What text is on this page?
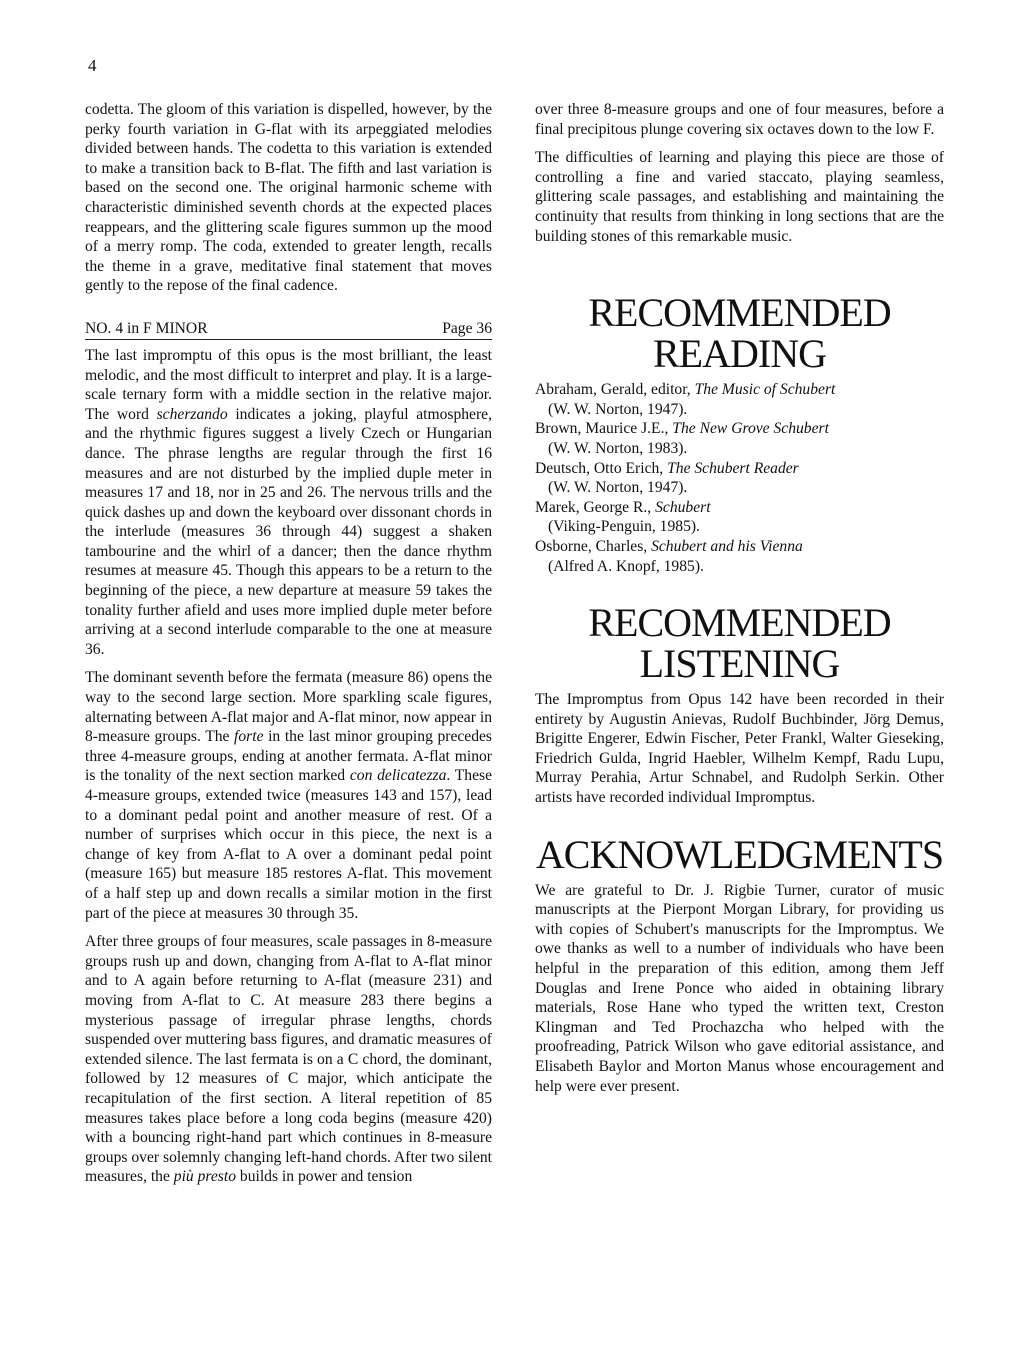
4

codetta. The gloom of this variation is dispelled, however, by the perky fourth variation in G-flat with its arpeggiated melodies divided between hands. The codetta to this variation is extended to make a transition back to B-flat. The fifth and last variation is based on the second one. The original harmonic scheme with characteristic diminished seventh chords at the expected places reappears, and the glittering scale figures summon up the mood of a merry romp. The coda, extended to greater length, recalls the theme in a grave, meditative final statement that moves gently to the repose of the final cadence.

NO. 4 in F MINOR	Page 36

The last impromptu of this opus is the most brilliant, the least melodic, and the most difficult to interpret and play. It is a large-scale ternary form with a middle section in the relative major. The word scherzando indicates a joking, playful atmosphere, and the rhythmic figures suggest a lively Czech or Hungarian dance. The phrase lengths are regular through the first 16 measures and are not disturbed by the implied duple meter in measures 17 and 18, nor in 25 and 26. The nervous trills and the quick dashes up and down the keyboard over dissonant chords in the interlude (measures 36 through 44) suggest a shaken tambourine and the whirl of a dancer; then the dance rhythm resumes at measure 45. Though this appears to be a return to the beginning of the piece, a new departure at measure 59 takes the tonality further afield and uses more implied duple meter before arriving at a second interlude comparable to the one at measure 36.

The dominant seventh before the fermata (measure 86) opens the way to the second large section. More sparkling scale figures, alternating between A-flat major and A-flat minor, now appear in 8-measure groups. The forte in the last minor grouping precedes three 4-measure groups, ending at another fermata. A-flat minor is the tonality of the next section marked con delicatezza. These 4-measure groups, extended twice (measures 143 and 157), lead to a dominant pedal point and another measure of rest. Of a number of surprises which occur in this piece, the next is a change of key from A-flat to A over a dominant pedal point (measure 165) but measure 185 restores A-flat. This movement of a half step up and down recalls a similar motion in the first part of the piece at measures 30 through 35.

After three groups of four measures, scale passages in 8-measure groups rush up and down, changing from A-flat to A-flat minor and to A again before returning to A-flat (measure 231) and moving from A-flat to C. At measure 283 there begins a mysterious passage of irregular phrase lengths, chords suspended over muttering bass figures, and dramatic measures of extended silence. The last fermata is on a C chord, the dominant, followed by 12 measures of C major, which anticipate the recapitulation of the first section. A literal repetition of 85 measures takes place before a long coda begins (measure 420) with a bouncing right-hand part which continues in 8-measure groups over solemnly changing left-hand chords. After two silent measures, the più presto builds in power and tension

over three 8-measure groups and one of four measures, before a final precipitous plunge covering six octaves down to the low F.

The difficulties of learning and playing this piece are those of controlling a fine and varied staccato, playing seamless, glittering scale passages, and establishing and maintaining the continuity that results from thinking in long sections that are the building stones of this remarkable music.

RECOMMENDED
READING
Abraham, Gerald, editor, The Music of Schubert
(W. W. Norton, 1947).
Brown, Maurice J.E., The New Grove Schubert
(W. W. Norton, 1983).
Deutsch, Otto Erich, The Schubert Reader
(W. W. Norton, 1947).
Marek, George R., Schubert
(Viking-Penguin, 1985).
Osborne, Charles, Schubert and his Vienna
(Alfred A. Knopf, 1985).
RECOMMENDED
LISTENING

The Impromptus from Opus 142 have been recorded in their entirety by Augustin Anievas, Rudolf Buchbinder, Jörg Demus, Brigitte Engerer, Edwin Fischer, Peter Frankl, Walter Gieseking, Friedrich Gulda, Ingrid Haebler, Wilhelm Kempf, Radu Lupu, Murray Perahia, Artur Schnabel, and Rudolph Serkin. Other artists have recorded individual Impromptus.

ACKNOWLEDGMENTS

We are grateful to Dr. J. Rigbie Turner, curator of music manuscripts at the Pierpont Morgan Library, for providing us with copies of Schubert's manuscripts for the Impromptus. We owe thanks as well to a number of individuals who have been helpful in the preparation of this edition, among them Jeff Douglas and Irene Ponce who aided in obtaining library materials, Rose Hane who typed the written text, Creston Klingman and Ted Prochazcha who helped with the proofreading, Patrick Wilson who gave editorial assistance, and Elisabeth Baylor and Morton Manus whose encouragement and help were ever present.
